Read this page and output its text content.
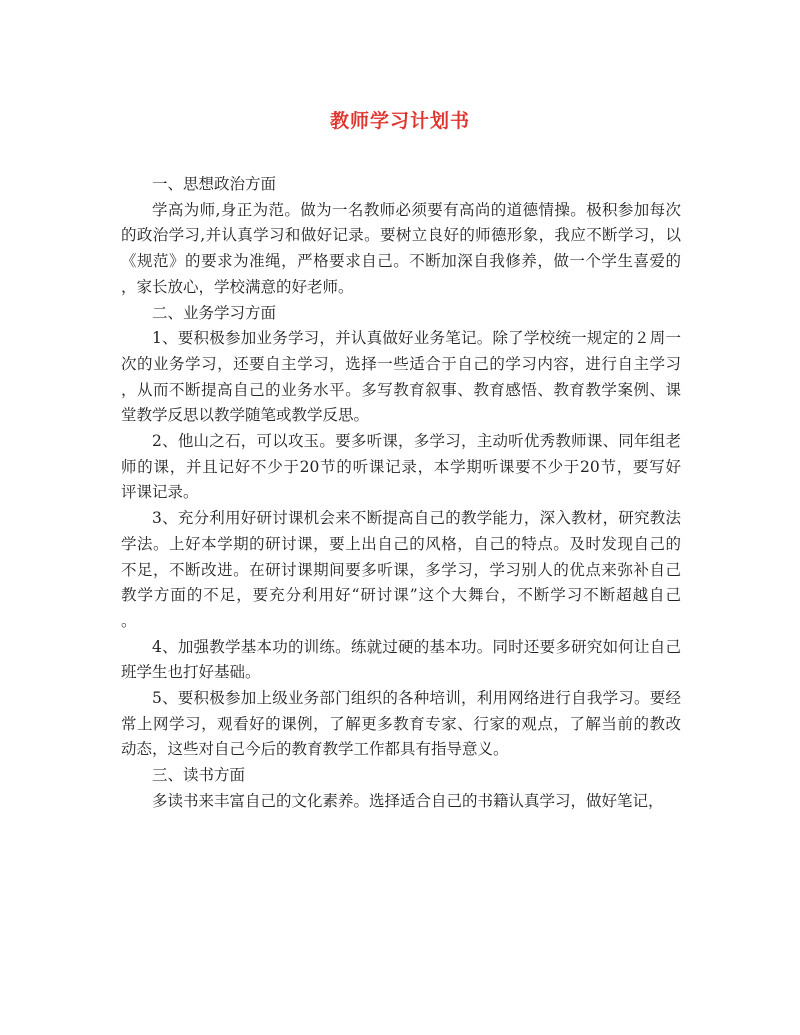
教师学习计划书
一、思想政治方面
学高为师,身正为范。做为一名教师必须要有高尚的道德情操。极积参加每次
的政治学习,并认真学习和做好记录。要树立良好的师德形象，我应不断学习，以
《规范》的要求为准绳，严格要求自己。不断加深自我修养，做一个学生喜爱的
，家长放心，学校满意的好老师。
二、业务学习方面
1、要积极参加业务学习，并认真做好业务笔记。除了学校统一规定的２周一
次的业务学习，还要自主学习，选择一些适合于自己的学习内容，进行自主学习
，从而不断提高自己的业务水平。多写教育叙事、教育感悟、教育教学案例、课
堂教学反思以教学随笔或教学反思。
2、他山之石，可以攻玉。要多听课，多学习，主动听优秀教师课、同年组老
师的课，并且记好不少于20节的听课记录，本学期听课要不少于20节，要写好
评课记录。
3、充分利用好研讨课机会来不断提高自己的教学能力，深入教材，研究教法
学法。上好本学期的研讨课，要上出自己的风格，自己的特点。及时发现自己的
不足，不断改进。在研讨课期间要多听课，多学习，学习别人的优点来弥补自己
教学方面的不足，要充分利用好“研讨课”这个大舞台，不断学习不断超越自己
。
4、加强教学基本功的训练。练就过硬的基本功。同时还要多研究如何让自己
班学生也打好基础。
5、要积极参加上级业务部门组织的各种培训，利用网络进行自我学习。要经
常上网学习，观看好的课例，了解更多教育专家、行家的观点，了解当前的教改
动态，这些对自己今后的教育教学工作都具有指导意义。
三、读书方面
多读书来丰富自己的文化素养。选择适合自己的书籍认真学习，做好笔记，
